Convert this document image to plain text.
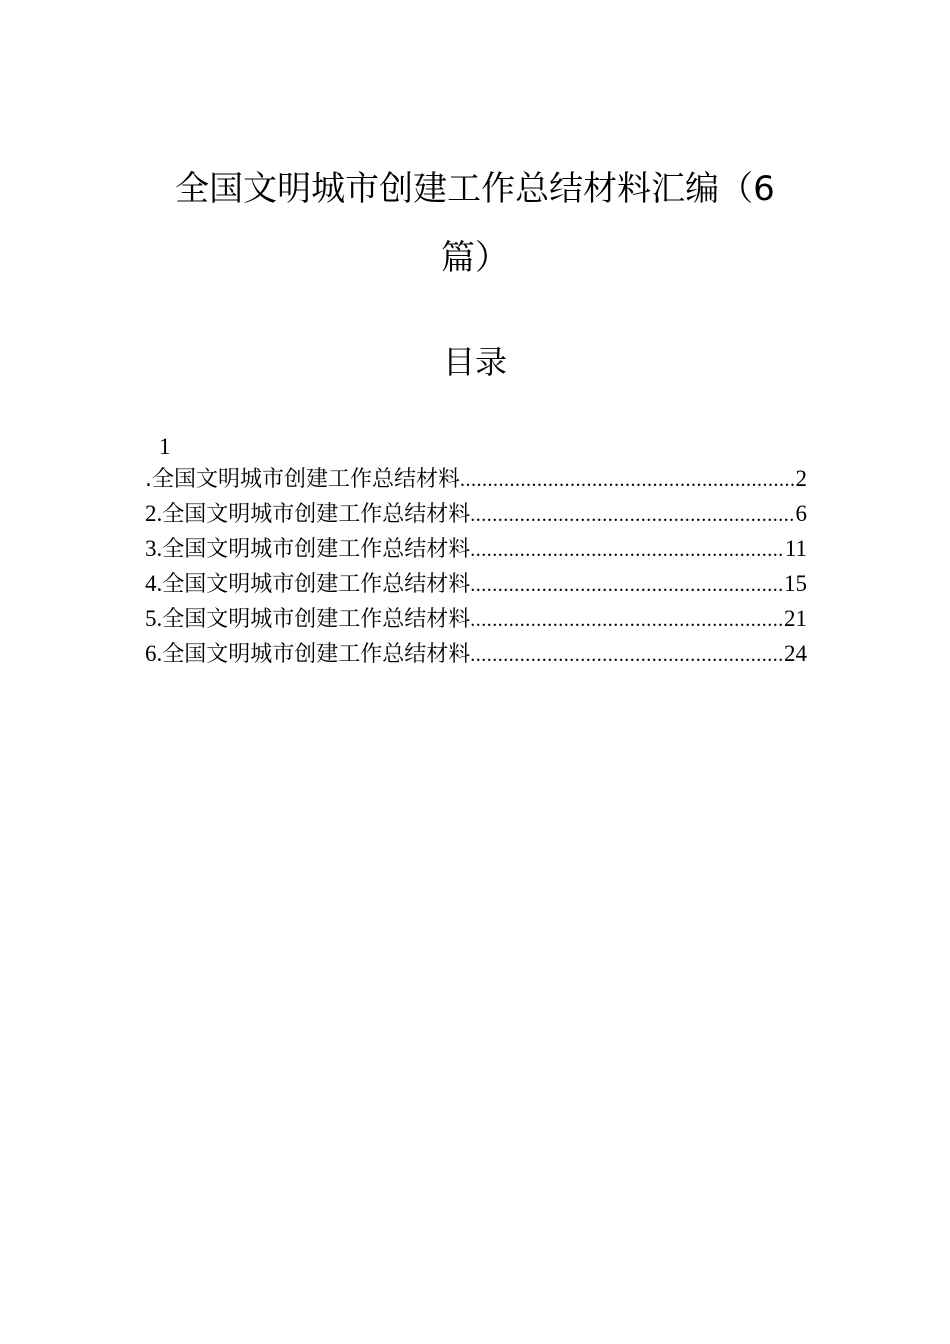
全国文明城市创建工作总结材料汇编（6
篇）
目录
1
.全国文明城市创建工作总结材料 .....	2
2. 全国文明城市创建工作总结材料 .....	6
3. 全国文明城市创建工作总结材料 .....	11
4. 全国文明城市创建工作总结材料 .....	15
5. 全国文明城市创建工作总结材料 .....	21
6. 全国文明城市创建工作总结材料 .....	24
